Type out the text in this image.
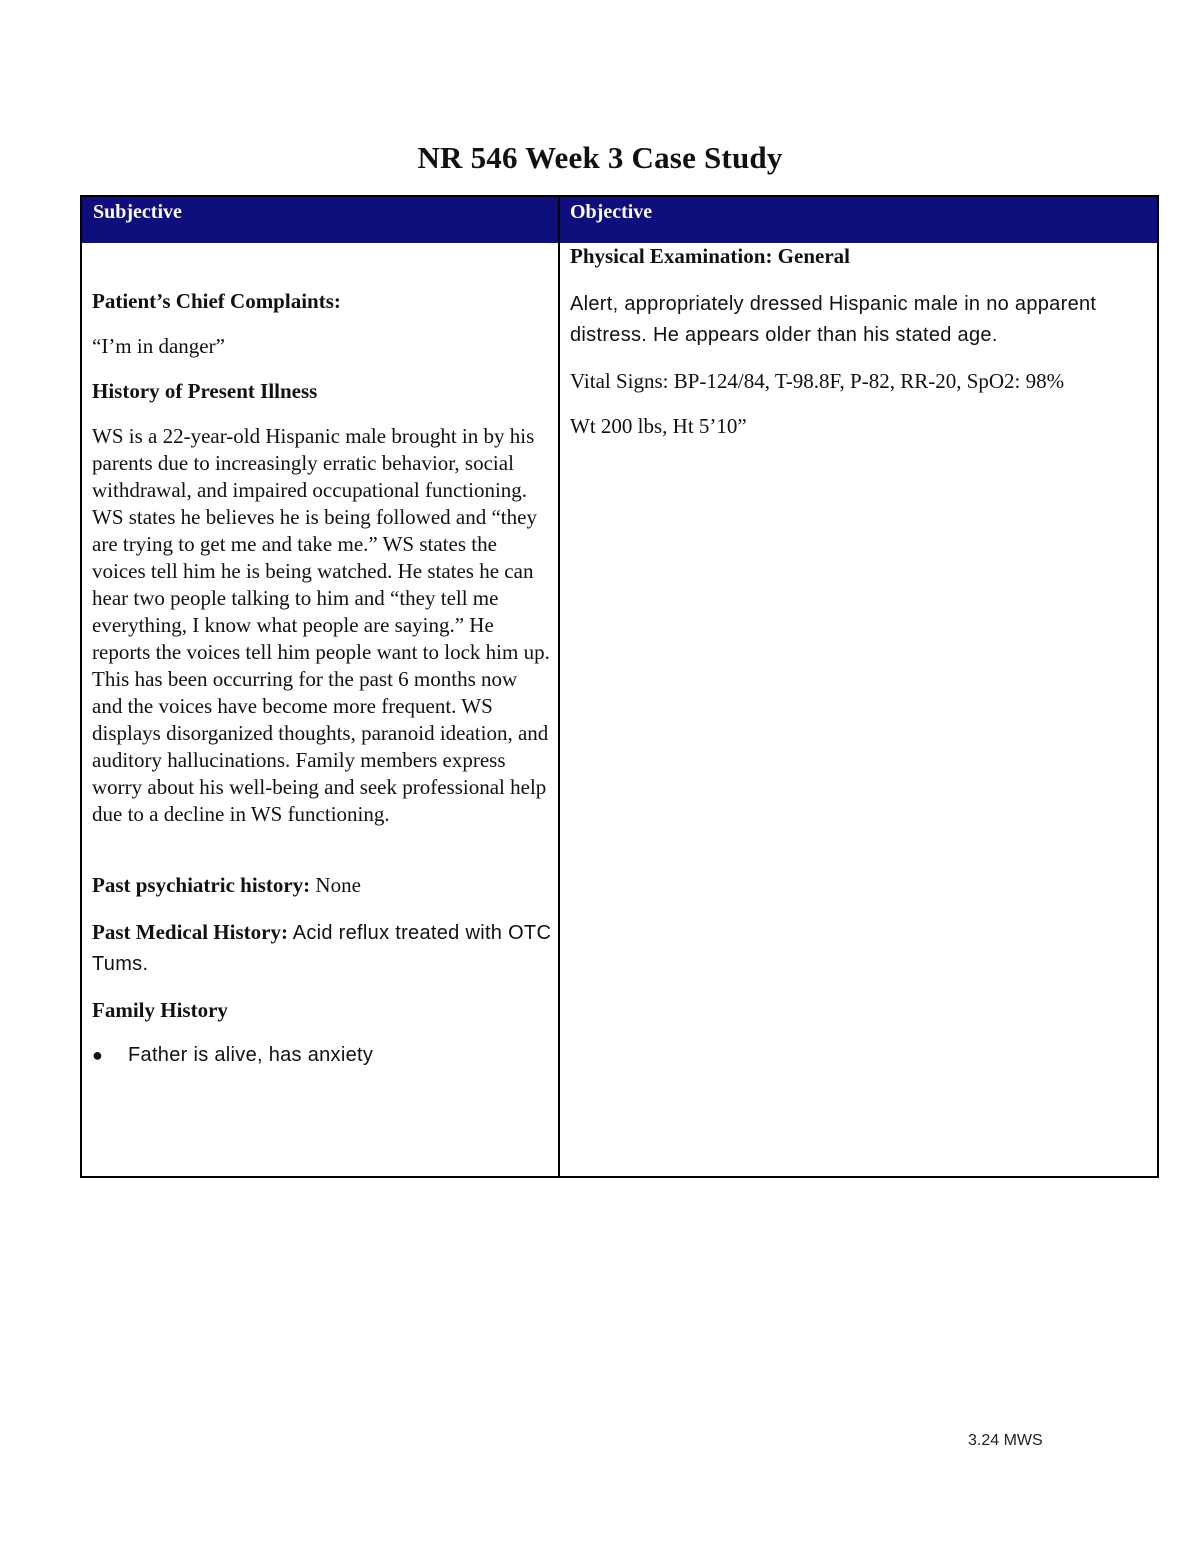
NR 546 Week 3 Case Study
Subjective	Objective

Patient’s Chief Complaints:

“I’m in danger”

History of Present Illness

WS is a 22-year-old Hispanic male brought in by his parents due to increasingly erratic behavior, social withdrawal, and impaired occupational functioning. WS states he believes he is being followed and “they are trying to get me and take me.” WS states the voices tell him he is being watched. He states he can hear two people talking to him and “they tell me everything, I know what people are saying.” He reports the voices tell him people want to lock him up. This has been occurring for the past 6 months now and the voices have become more frequent. WS displays disorganized thoughts, paranoid ideation, and auditory hallucinations. Family members express worry about his well-being and seek professional help due to a decline in WS functioning.

Past psychiatric history: None

Past Medical History: Acid reflux treated with OTC Tums.

Family History

●	Father is alive, has anxiety

Physical Examination: General

Alert, appropriately dressed Hispanic male in no apparent distress. He appears older than his stated age.

Vital Signs: BP-124/84, T-98.8F, P-82, RR-20, SpO2: 98%

Wt 200 lbs, Ht 5’10”

3.24 MWS
